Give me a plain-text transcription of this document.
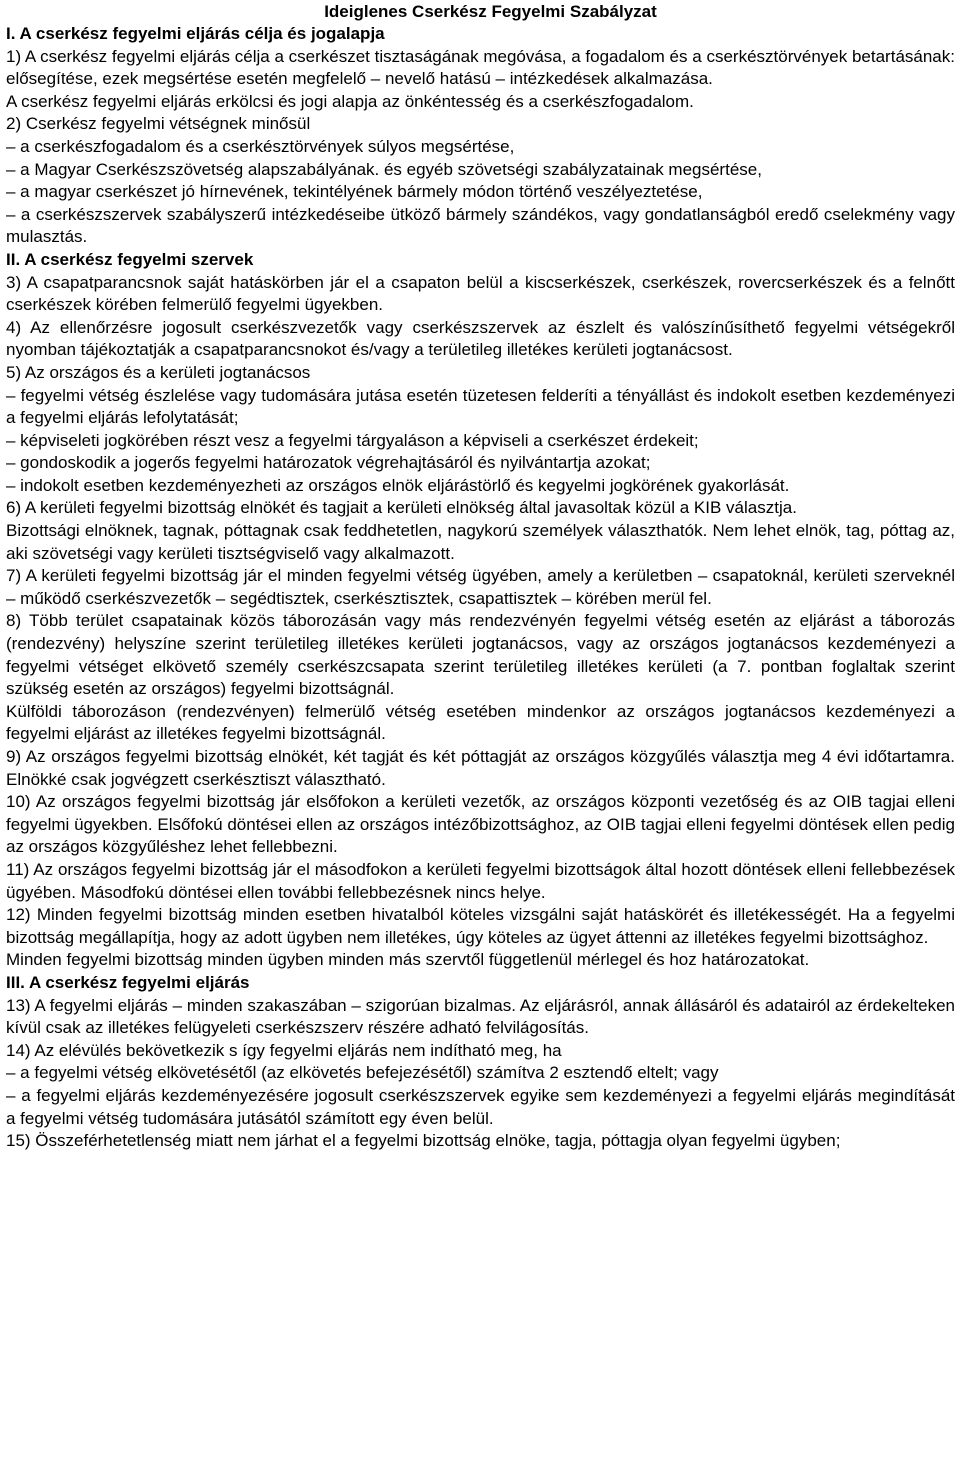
Ideiglenes Cserkész Fegyelmi Szabályzat
I. A cserkész fegyelmi eljárás célja és jogalapja

1) A cserkész fegyelmi eljárás célja a cserkészet tisztaságának megóvása, a fogadalom és a cserkésztörvények betartásának: elősegítése, ezek megsértése esetén megfelelő – nevelő hatású – intézkedések alkalmazása.

A cserkész fegyelmi eljárás erkölcsi és jogi alapja az önkéntesség és a cserkészfogadalom.

2) Cserkész fegyelmi vétségnek minősül

– a cserkészfogadalom és a cserkésztörvények súlyos megsértése,

– a Magyar Cserkészszövetség alapszabályának. és egyéb szövetségi szabályzatainak megsértése,

– a magyar cserkészet jó hírnevének, tekintélyének bármely módon történő veszélyeztetése,

– a cserkészszervek szabályszerű intézkedéseibe ütköző bármely szándékos, vagy gondatlanságból eredő cselekmény vagy mulasztás.

II. A cserkész fegyelmi szervek

3) A csapatparancsnok saját hatáskörben jár el a csapaton belül a kiscserkészek, cserkészek, rovercserkészek és a felnőtt cserkészek körében felmerülő fegyelmi ügyekben.

4) Az ellenőrzésre jogosult cserkészvezetők vagy cserkészszervek az észlelt és valószínűsíthető fegyelmi vétségekről nyomban tájékoztatják a csapatparancsnokot és/vagy a területileg illetékes kerületi jogtanácsost.

5) Az országos és a kerületi jogtanácsos

– fegyelmi vétség észlelése vagy tudomására jutása esetén tüzetesen felderíti a tényállást és indokolt esetben kezdeményezi a fegyelmi eljárás lefolytatását;

– képviseleti jogkörében részt vesz a fegyelmi tárgyaláson a képviseli a cserkészet érdekeit;

– gondoskodik a jogerős fegyelmi határozatok végrehajtásáról és nyilvántartja azokat;

– indokolt esetben kezdeményezheti az országos elnök eljárástörlő és kegyelmi jogkörének gyakorlását.

6) A kerületi fegyelmi bizottság elnökét és tagjait a kerületi elnökség által javasoltak közül a KIB választja.

Bizottsági elnöknek, tagnak, póttagnak csak feddhetetlen, nagykorú személyek választhatók. Nem lehet elnök, tag, póttag az, aki szövetségi vagy kerületi tisztségviselő vagy alkalmazott.

7) A kerületi fegyelmi bizottság jár el minden fegyelmi vétség ügyében, amely a kerületben – csapatoknál, kerületi szerveknél – működő cserkészvezetők – segédtisztek, cserkésztisztek, csapattisztek – körében merül fel.

8) Több terület csapatainak közös táborozásán vagy más rendezvényén fegyelmi vétség esetén az eljárást a táborozás (rendezvény) helyszíne szerint területileg illetékes kerületi jogtanácsos, vagy az országos jogtanácsos kezdeményezi a fegyelmi vétséget elkövető személy cserkészcsapata szerint területileg illetékes kerületi (a 7. pontban foglaltak szerint szükség esetén az országos) fegyelmi bizottságnál.

Külföldi táborozáson (rendezvényen) felmerülő vétség esetében mindenkor az országos jogtanácsos kezdeményezi a fegyelmi eljárást az illetékes fegyelmi bizottságnál.

9) Az országos fegyelmi bizottság elnökét, két tagját és két póttagját az országos közgyűlés választja meg 4 évi időtartamra. Elnökké csak jogvégzett cserkésztiszt választható.

10) Az országos fegyelmi bizottság jár elsőfokon a kerületi vezetők, az országos központi vezetőség és az OIB tagjai elleni fegyelmi ügyekben. Elsőfokú döntései ellen az országos intézőbizottsághoz, az OIB tagjai elleni fegyelmi döntések ellen pedig az országos közgyűléshez lehet fellebbezni.

11) Az országos fegyelmi bizottság jár el másodfokon a kerületi fegyelmi bizottságok által hozott döntések elleni fellebbezések ügyében. Másodfokú döntései ellen további fellebbezésnek nincs helye.

12) Minden fegyelmi bizottság minden esetben hivatalból köteles vizsgálni saját hatáskörét és illetékességét. Ha a fegyelmi bizottság megállapítja, hogy az adott ügyben nem illetékes, úgy köteles az ügyet áttenni az illetékes fegyelmi bizottsághoz.

Minden fegyelmi bizottság minden ügyben minden más szervtől függetlenül mérlegel és hoz határozatokat.

III. A cserkész fegyelmi eljárás

13) A fegyelmi eljárás – minden szakaszában – szigorúan bizalmas. Az eljárásról, annak állásáról és adatairól az érdekelteken kívül csak az illetékes felügyeleti cserkészszerv részére adható felvilágosítás.

14) Az elévülés bekövetkezik s így fegyelmi eljárás nem indítható meg, ha

– a fegyelmi vétség elkövetésétől (az elkövetés befejezésétől) számítva 2 esztendő eltelt; vagy

– a fegyelmi eljárás kezdeményezésére jogosult cserkészszervek egyike sem kezdeményezi a fegyelmi eljárás megindítását a fegyelmi vétség tudomására jutásától számított egy éven belül.

15) Összeférhetetlenség miatt nem járhat el a fegyelmi bizottság elnöke, tagja, póttagja olyan fegyelmi ügyben;
